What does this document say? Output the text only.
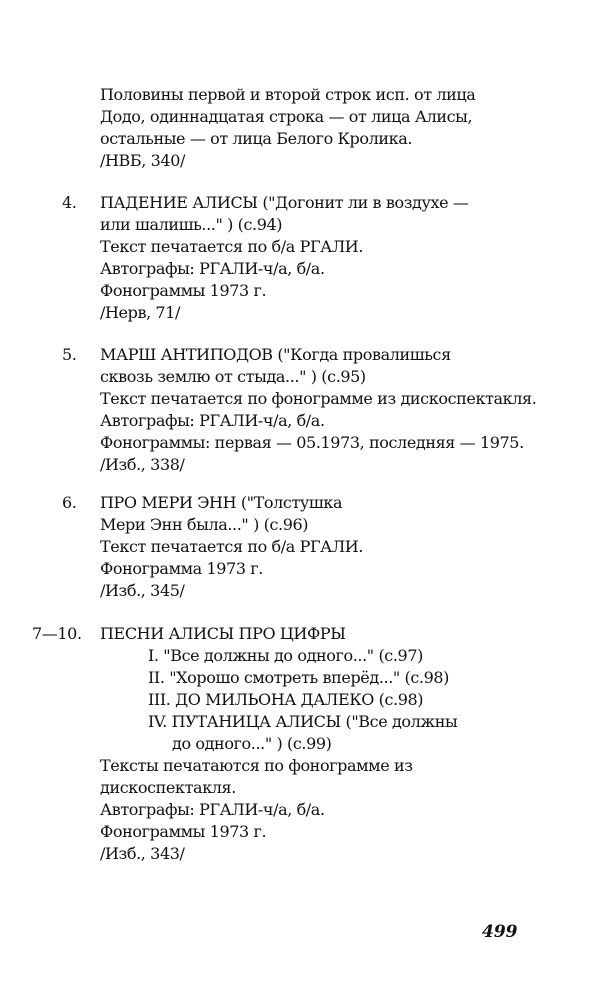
Половины первой и второй строк исп. от лица
Додо, одиннадцатая строка — от лица Алисы,
остальные — от лица Белого Кролика.
/НВБ, 340/
4. ПАДЕНИЕ АЛИСЫ ("Догонит ли в воздухе —
или шалишь..." ) (с.94)
Текст печатается по б/а РГАЛИ.
Автографы: РГАЛИ-ч/а, б/а.
Фонограммы 1973 г.
/Нерв, 71/
5. МАРШ АНТИПОДОВ ("Когда провалишься
сквозь землю от стыда..." ) (с.95)
Текст печатается по фонограмме из дискоспектакля.
Автографы: РГАЛИ-ч/а, б/а.
Фонограммы: первая — 05.1973, последняя — 1975.
/Изб., 338/
6. ПРО МЕРИ ЭНН ("Толстушка
Мери Энн была..." ) (с.96)
Текст печатается по б/а РГАЛИ.
Фонограмма 1973 г.
/Изб., 345/
7—10. ПЕСНИ АЛИСЫ ПРО ЦИФРЫ
I. "Все должны до одного..." (с.97)
II. "Хорошо смотреть вперёд..." (с.98)
III. ДО МИЛЬОНА ДАЛЕКО (с.98)
IV. ПУТАНИЦА АЛИСЫ ("Все должны
до одного..." ) (с.99)
Тексты печатаются по фонограмме из
дискоспектакля.
Автографы: РГАЛИ-ч/а, б/а.
Фонограммы 1973 г.
/Изб., 343/
499
